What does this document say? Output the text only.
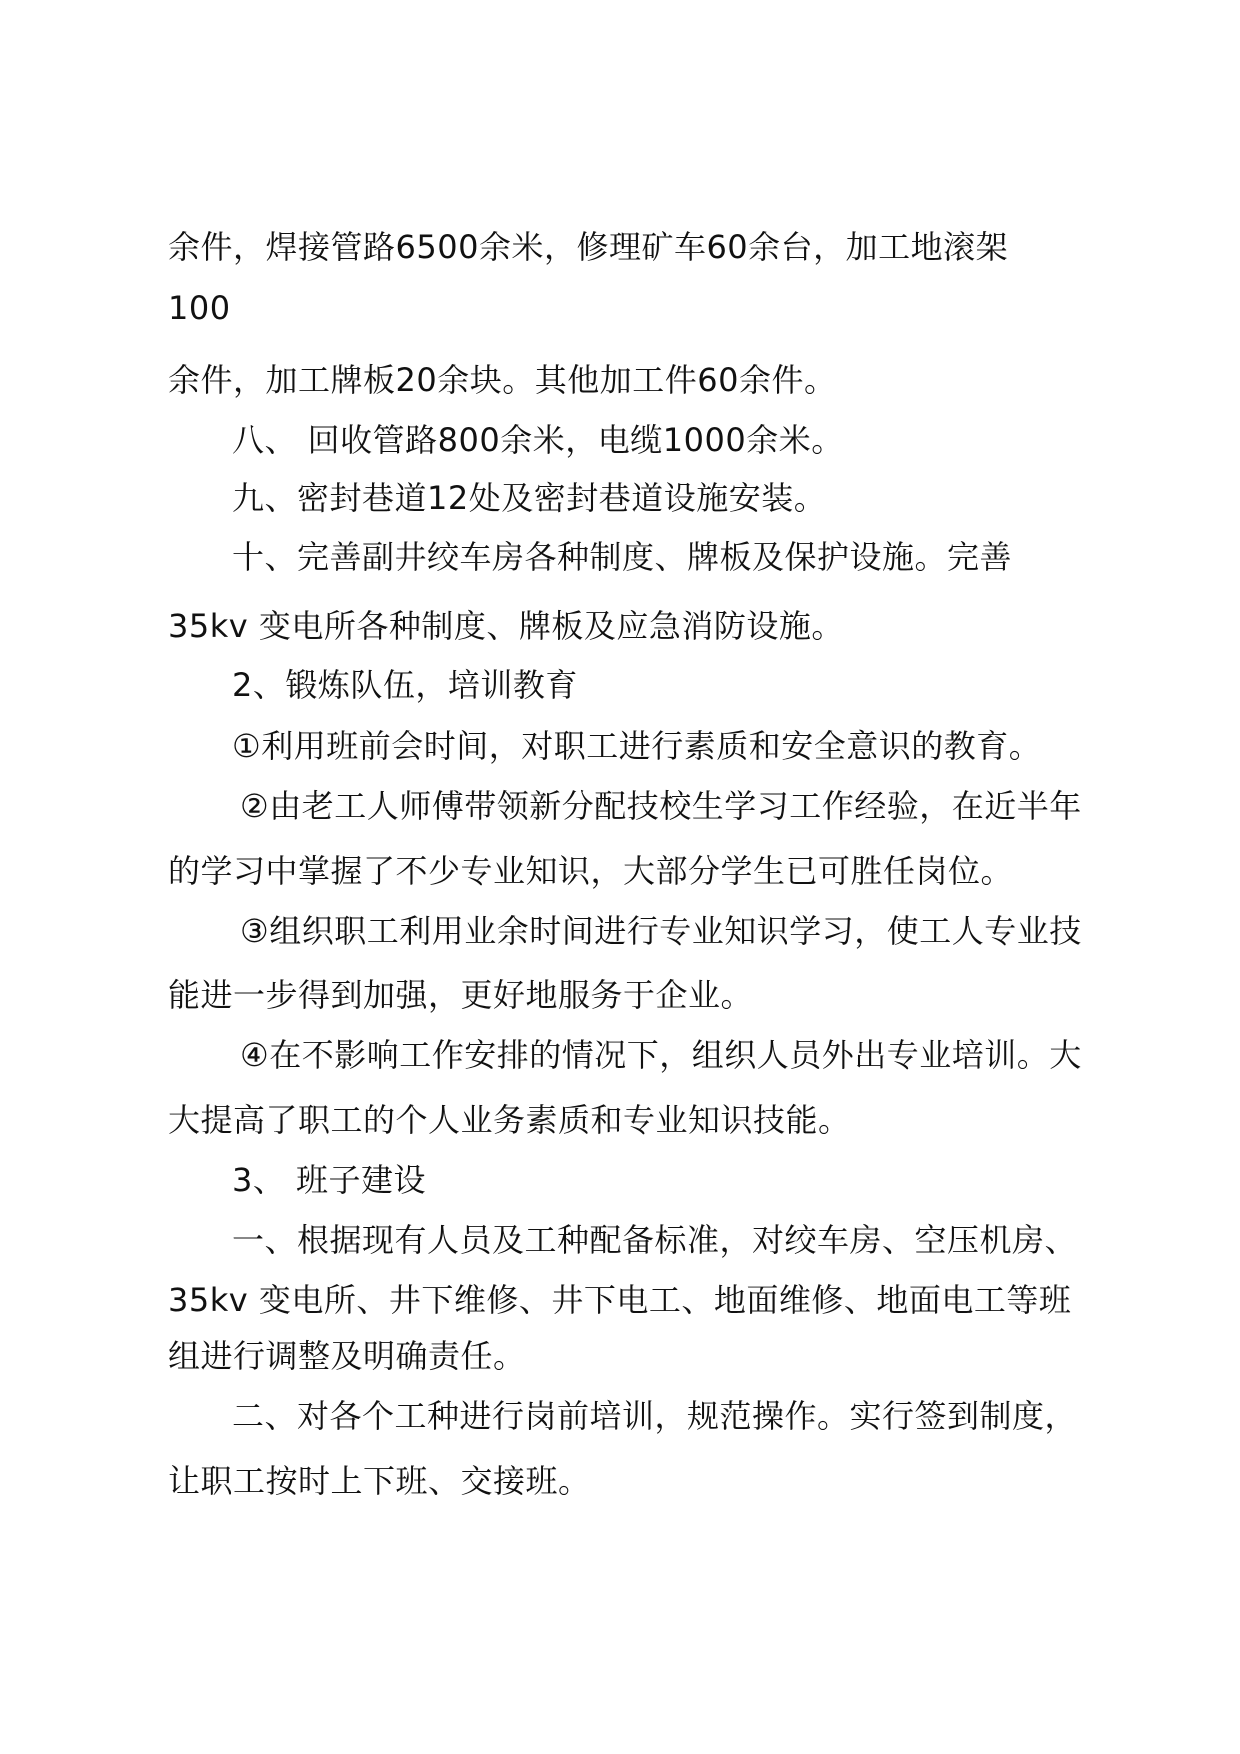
余件，焊接管路6500余米，修理矿车60余台，加工地滚架
100
余件，加工牌板20余块。其他加工件60余件。
八、 回收管路800余米，电缆1000余米。
九、密封巷道12处及密封巷道设施安装。
十、完善副井绞车房各种制度、牌板及保护设施。完善
35kv 变电所各种制度、牌板及应急消防设施。
2、锻炼队伍，培训教育
①利用班前会时间，对职工进行素质和安全意识的教育。
②由老工人师傅带领新分配技校生学习工作经验，在近半年
的学习中掌握了不少专业知识，大部分学生已可胜任岗位。
③组织职工利用业余时间进行专业知识学习，使工人专业技
能进一步得到加强，更好地服务于企业。
④在不影响工作安排的情况下，组织人员外出专业培训。大
大提高了职工的个人业务素质和专业知识技能。
3、 班子建设
一、根据现有人员及工种配备标准，对绞车房、空压机房、
35kv 变电所、井下维修、井下电工、地面维修、地面电工等班
组进行调整及明确责任。
二、对各个工种进行岗前培训，规范操作。实行签到制度，
让职工按时上下班、交接班。
